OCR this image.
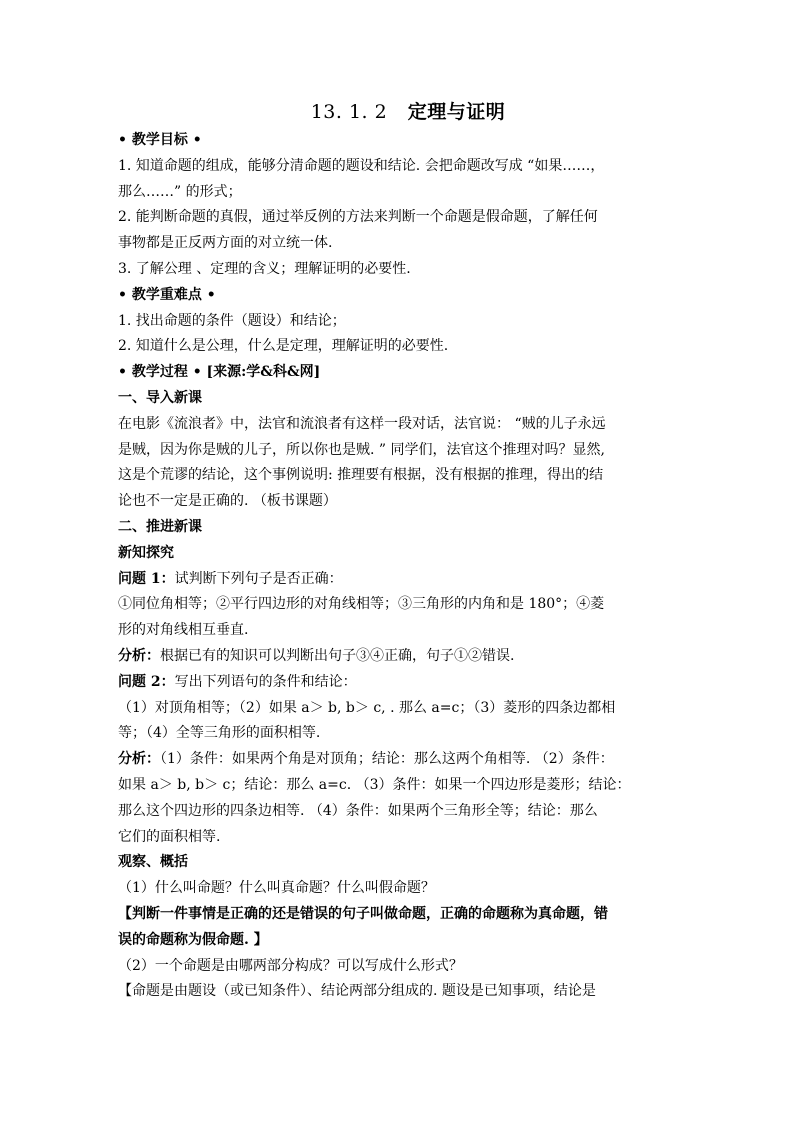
13. 1. 2 定理与证明
• 教学目标 •
1. 知道命题的组成，能够分清命题的题设和结论. 会把命题改写成 “如果……，
那么……” 的形式；
2. 能判断命题的真假，通过举反例的方法来判断一个命题是假命题，了解任何
事物都是正反两方面的对立统一体.
3. 了解公理 、定理的含义；理解证明的必要性.
• 教学重难点 •
1. 找出命题的条件（题设）和结论；
2. 知道什么是公理，什么是定理，理解证明的必要性.
• 教学过程 • [来源:学&科&网]
一、导入新课
在电影《流浪者》中，法官和流浪者有这样一段对话，法官说： “贼的儿子永远
是贼，因为你是贼的儿子，所以你也是贼. ” 同学们，法官这个推理对吗？显然,
这是个荒谬的结论，这个事例说明: 推理要有根据，没有根据的推理，得出的结
论也不一定是正确的. （板书课题）
二、推进新课
新知探究
问题 1：试判断下列句子是否正确：
①同位角相等；②平行四边形的对角线相等；③三角形的内角和是 180°；④菱
形的对角线相互垂直.
分析：根据已有的知识可以判断出句子③④正确，句子①②错误.
问题 2：写出下列语句的条件和结论：
（1）对顶角相等；（2）如果 a＞ b, b＞ c, . 那么 a=c；（3）菱形的四条边都相
等；（4）全等三角形的面积相等.
分析：（1）条件：如果两个角是对顶角；结论：那么这两个角相等. （2）条件：
如果 a＞ b, b＞ c；结论：那么 a=c. （3）条件：如果一个四边形是菱形；结论：
那么这个四边形的四条边相等. （4）条件：如果两个三角形全等；结论：那么
它们的面积相等.
观察、概括
（1）什么叫命题？什么叫真命题？什么叫假命题？
【判断一件事情是正确的还是错误的句子叫做命题，正确的命题称为真命题，错
误的命题称为假命题. 】
（2）一个命题是由哪两部分构成？可以写成什么形式？
【命题是由题设（或已知条件）、结论两部分组成的. 题设是已知事项，结论是
